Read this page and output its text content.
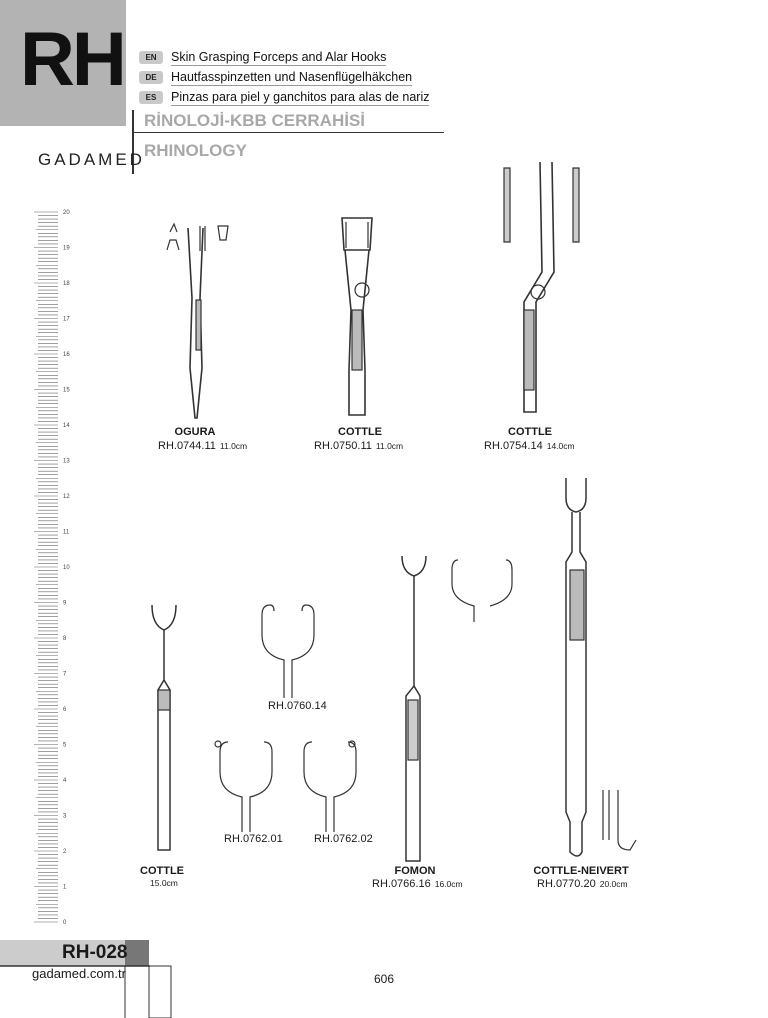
RH	EN	Skin Grasping Forceps and Alar Hooks
DE	Hautfasspinzetten und Nasenflügelhäkchen
ES	Pinzas para piel y ganchitos para alas de nariz
RİNOLOJİ-KBB CERRAHİSİ
RHINOLOGY
GADAMED
20
19
18
17
16
15
14
13
12
11
10
9
8
7
6
5
4
3
2
1
0
OGURA
RH.0744.11 11.0cm
COTTLE
RH.0750.11 11.0cm
COTTLE
RH.0754.14 14.0cm
RH.0760.14
RH.0762.01	RH.0762.02
COTTLE
15.0cm
FOMON
RH.0766.16 16.0cm
COTTLE-NEIVERT
RH.0770.20 20.0cm
RH-028
gadamed.com.tr	606
